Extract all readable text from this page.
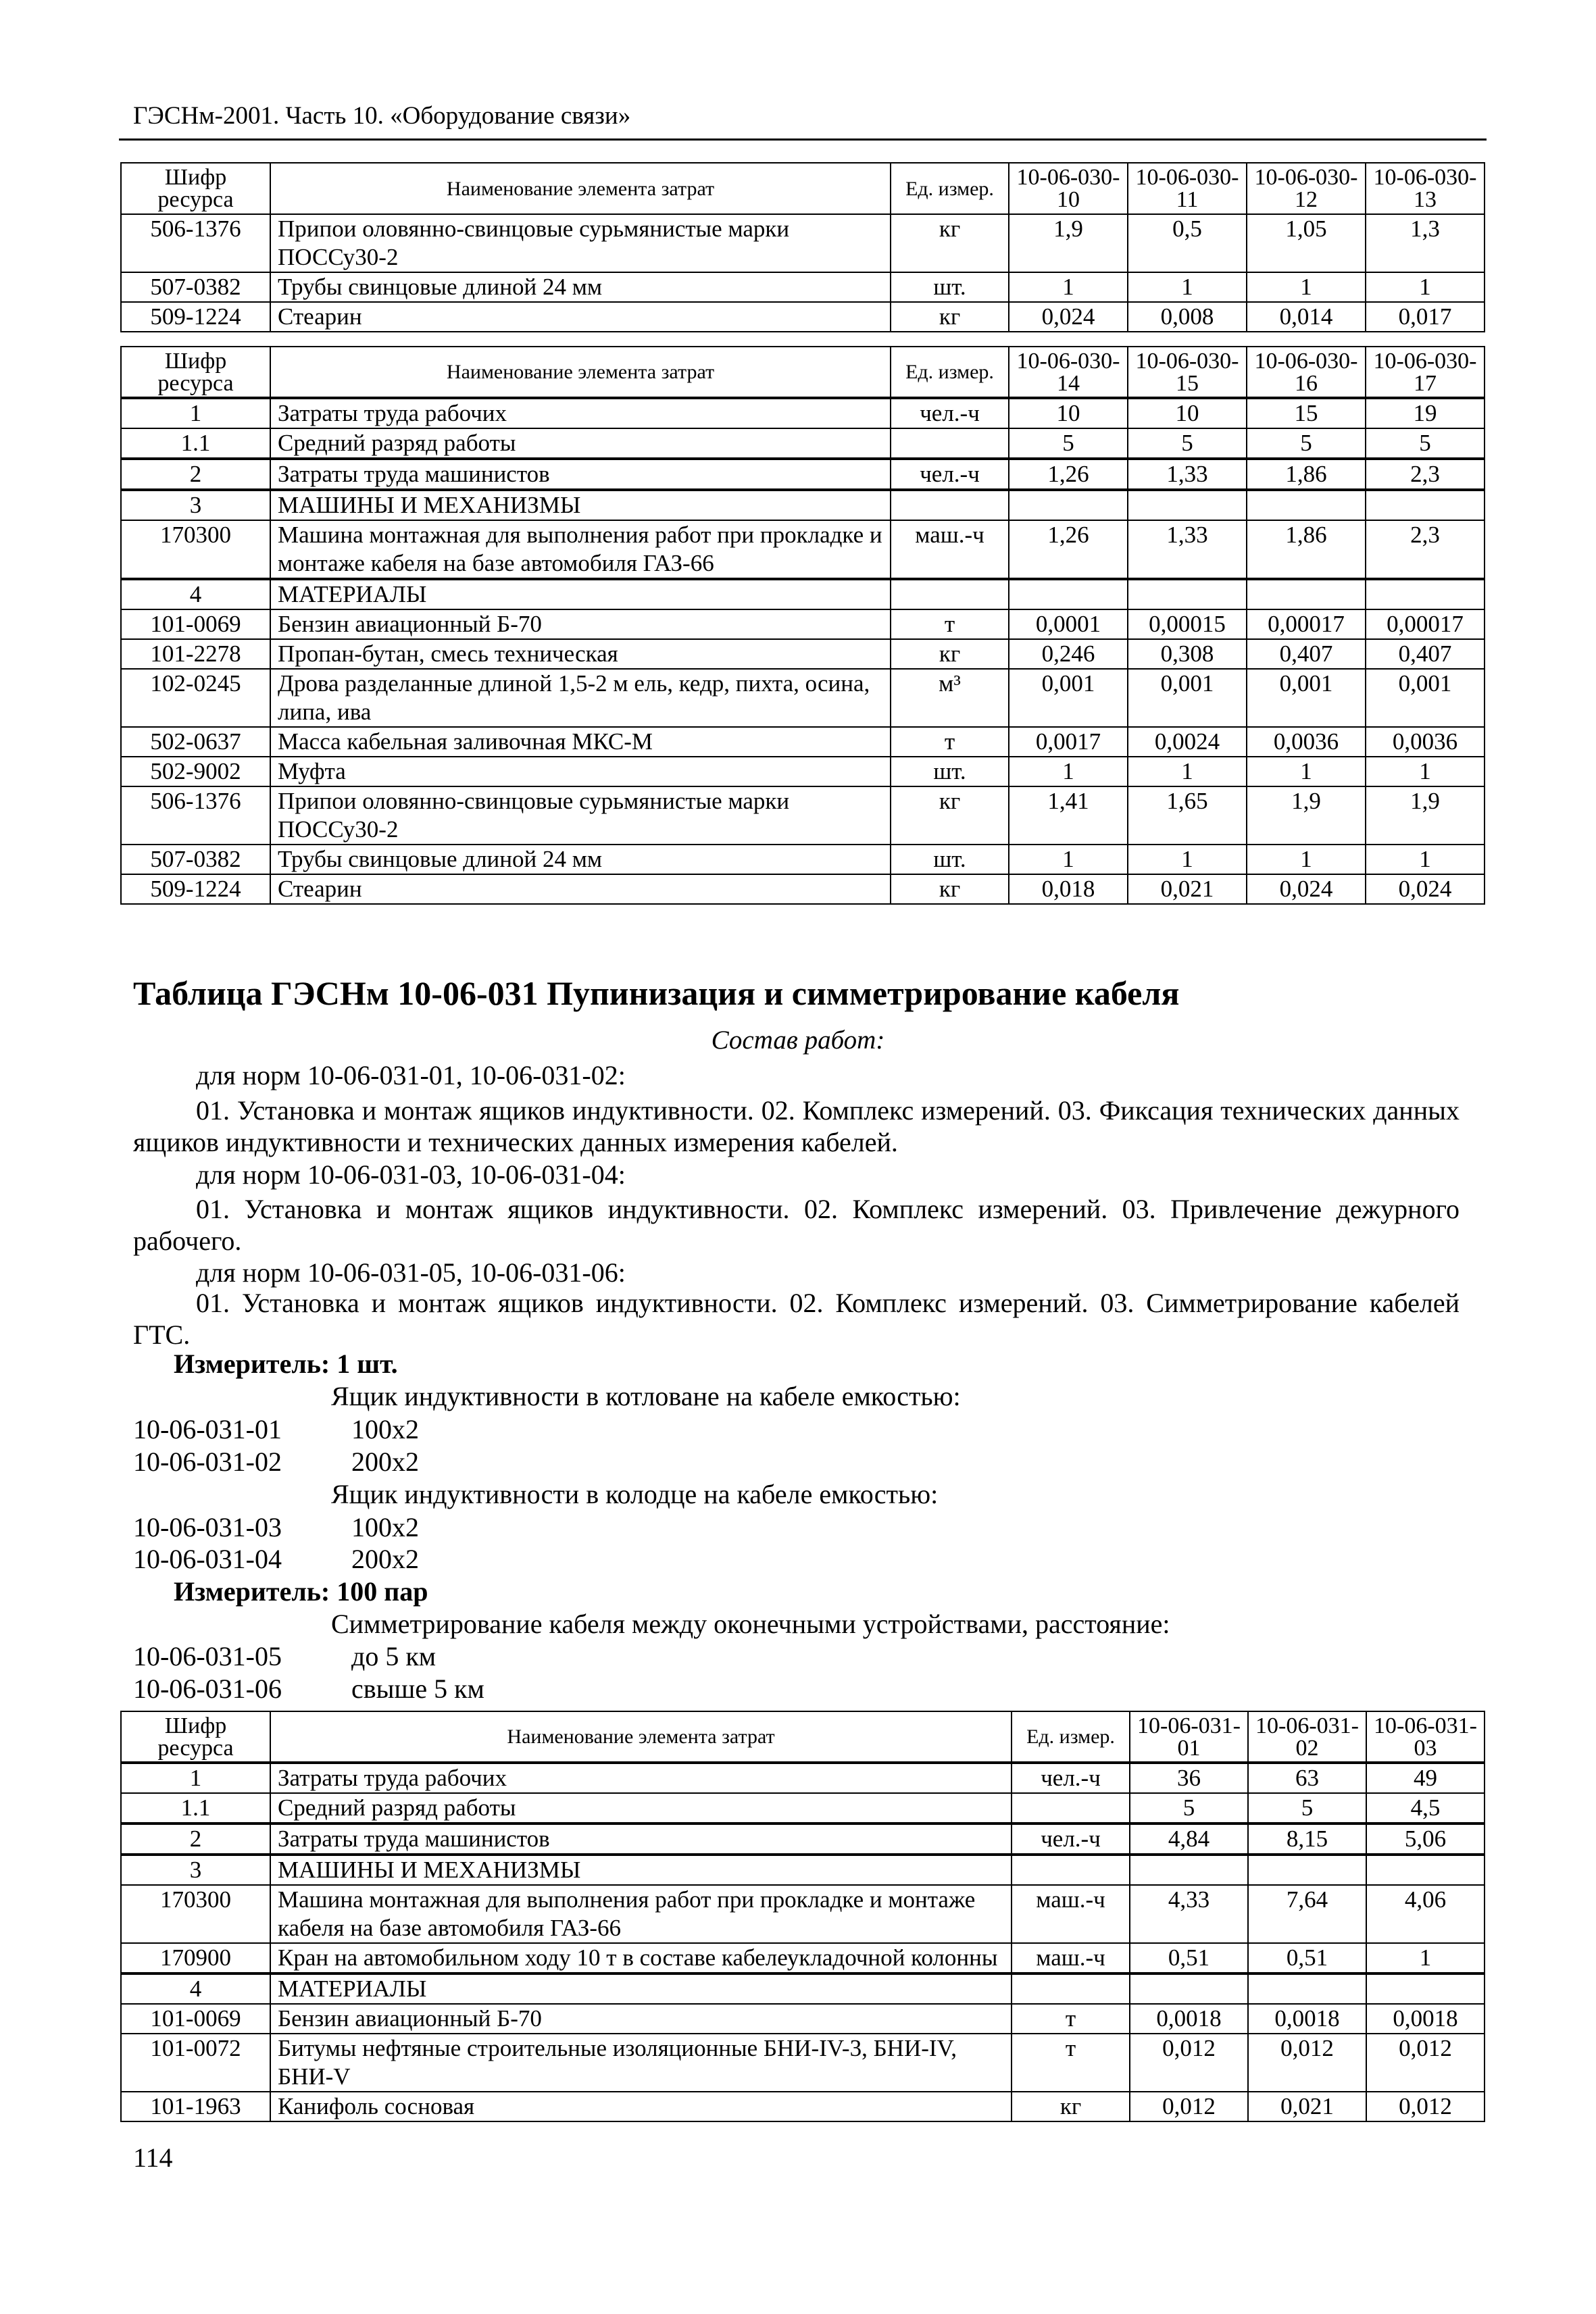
ГЭСНм-2001. Часть 10. «Оборудование связи»
Шифр ресурса	Наименование элемента затрат	Ед. измер.	10-06-030-10	10-06-030-11	10-06-030-12	10-06-030-13
506-1376	Припои оловянно-свинцовые сурьмянистые марки ПОССу30-2	кг	1,9	0,5	1,05	1,3
507-0382	Трубы свинцовые длиной 24 мм	шт.	1	1	1	1
509-1224	Стеарин	кг	0,024	0,008	0,014	0,017
Шифр ресурса	Наименование элемента затрат	Ед. измер.	10-06-030-14	10-06-030-15	10-06-030-16	10-06-030-17
1	Затраты труда рабочих	чел.-ч	10	10	15	19
1.1	Средний разряд работы		5	5	5	5
2	Затраты труда машинистов	чел.-ч	1,26	1,33	1,86	2,3
3	МАШИНЫ И МЕХАНИЗМЫ					
170300	Машина монтажная для выполнения работ при прокладке и монтаже кабеля на базе автомобиля ГАЗ-66	маш.-ч	1,26	1,33	1,86	2,3
4	МАТЕРИАЛЫ					
101-0069	Бензин авиационный Б-70	т	0,0001	0,00015	0,00017	0,00017
101-2278	Пропан-бутан, смесь техническая	кг	0,246	0,308	0,407	0,407
102-0245	Дрова разделанные длиной 1,5-2 м ель, кедр, пихта, осина, липа, ива	м³	0,001	0,001	0,001	0,001
502-0637	Масса кабельная заливочная МКС-М	т	0,0017	0,0024	0,0036	0,0036
502-9002	Муфта	шт.	1	1	1	1
506-1376	Припои оловянно-свинцовые сурьмянистые марки ПОССу30-2	кг	1,41	1,65	1,9	1,9
507-0382	Трубы свинцовые длиной 24 мм	шт.	1	1	1	1
509-1224	Стеарин	кг	0,018	0,021	0,024	0,024
Таблица ГЭСНм 10-06-031 Пупинизация и симметрирование кабеля
Состав работ:
для норм 10-06-031-01, 10-06-031-02:
01. Установка и монтаж ящиков индуктивности. 02. Комплекс измерений. 03. Фиксация технических данных ящиков индуктивности и технических данных измерения кабелей.
для норм 10-06-031-03, 10-06-031-04:
01. Установка и монтаж ящиков индуктивности. 02. Комплекс измерений. 03. Привлечение дежурного рабочего.
для норм 10-06-031-05, 10-06-031-06:
01. Установка и монтаж ящиков индуктивности. 02. Комплекс измерений. 03. Симметрирование кабелей ГТС.
Измеритель: 1 шт.
Ящик индуктивности в котловане на кабеле емкостью:
10-06-031-01	100х2
10-06-031-02	200х2
Ящик индуктивности в колодце на кабеле емкостью:
10-06-031-03	100х2
10-06-031-04	200х2
Измеритель: 100 пар
Симметрирование кабеля между оконечными устройствами, расстояние:
10-06-031-05	до 5 км
10-06-031-06	свыше 5 км
Шифр ресурса	Наименование элемента затрат	Ед. измер.	10-06-031-01	10-06-031-02	10-06-031-03
1	Затраты труда рабочих	чел.-ч	36	63	49
1.1	Средний разряд работы		5	5	4,5
2	Затраты труда машинистов	чел.-ч	4,84	8,15	5,06
3	МАШИНЫ И МЕХАНИЗМЫ				
170300	Машина монтажная для выполнения работ при прокладке и монтаже кабеля на базе автомобиля ГАЗ-66	маш.-ч	4,33	7,64	4,06
170900	Кран на автомобильном ходу 10 т в составе кабелеукладочной колонны	маш.-ч	0,51	0,51	1
4	МАТЕРИАЛЫ				
101-0069	Бензин авиационный Б-70	т	0,0018	0,0018	0,0018
101-0072	Битумы нефтяные строительные изоляционные БНИ-IV-3, БНИ-IV, БНИ-V	т	0,012	0,012	0,012
101-1963	Канифоль сосновая	кг	0,012	0,021	0,012
114
